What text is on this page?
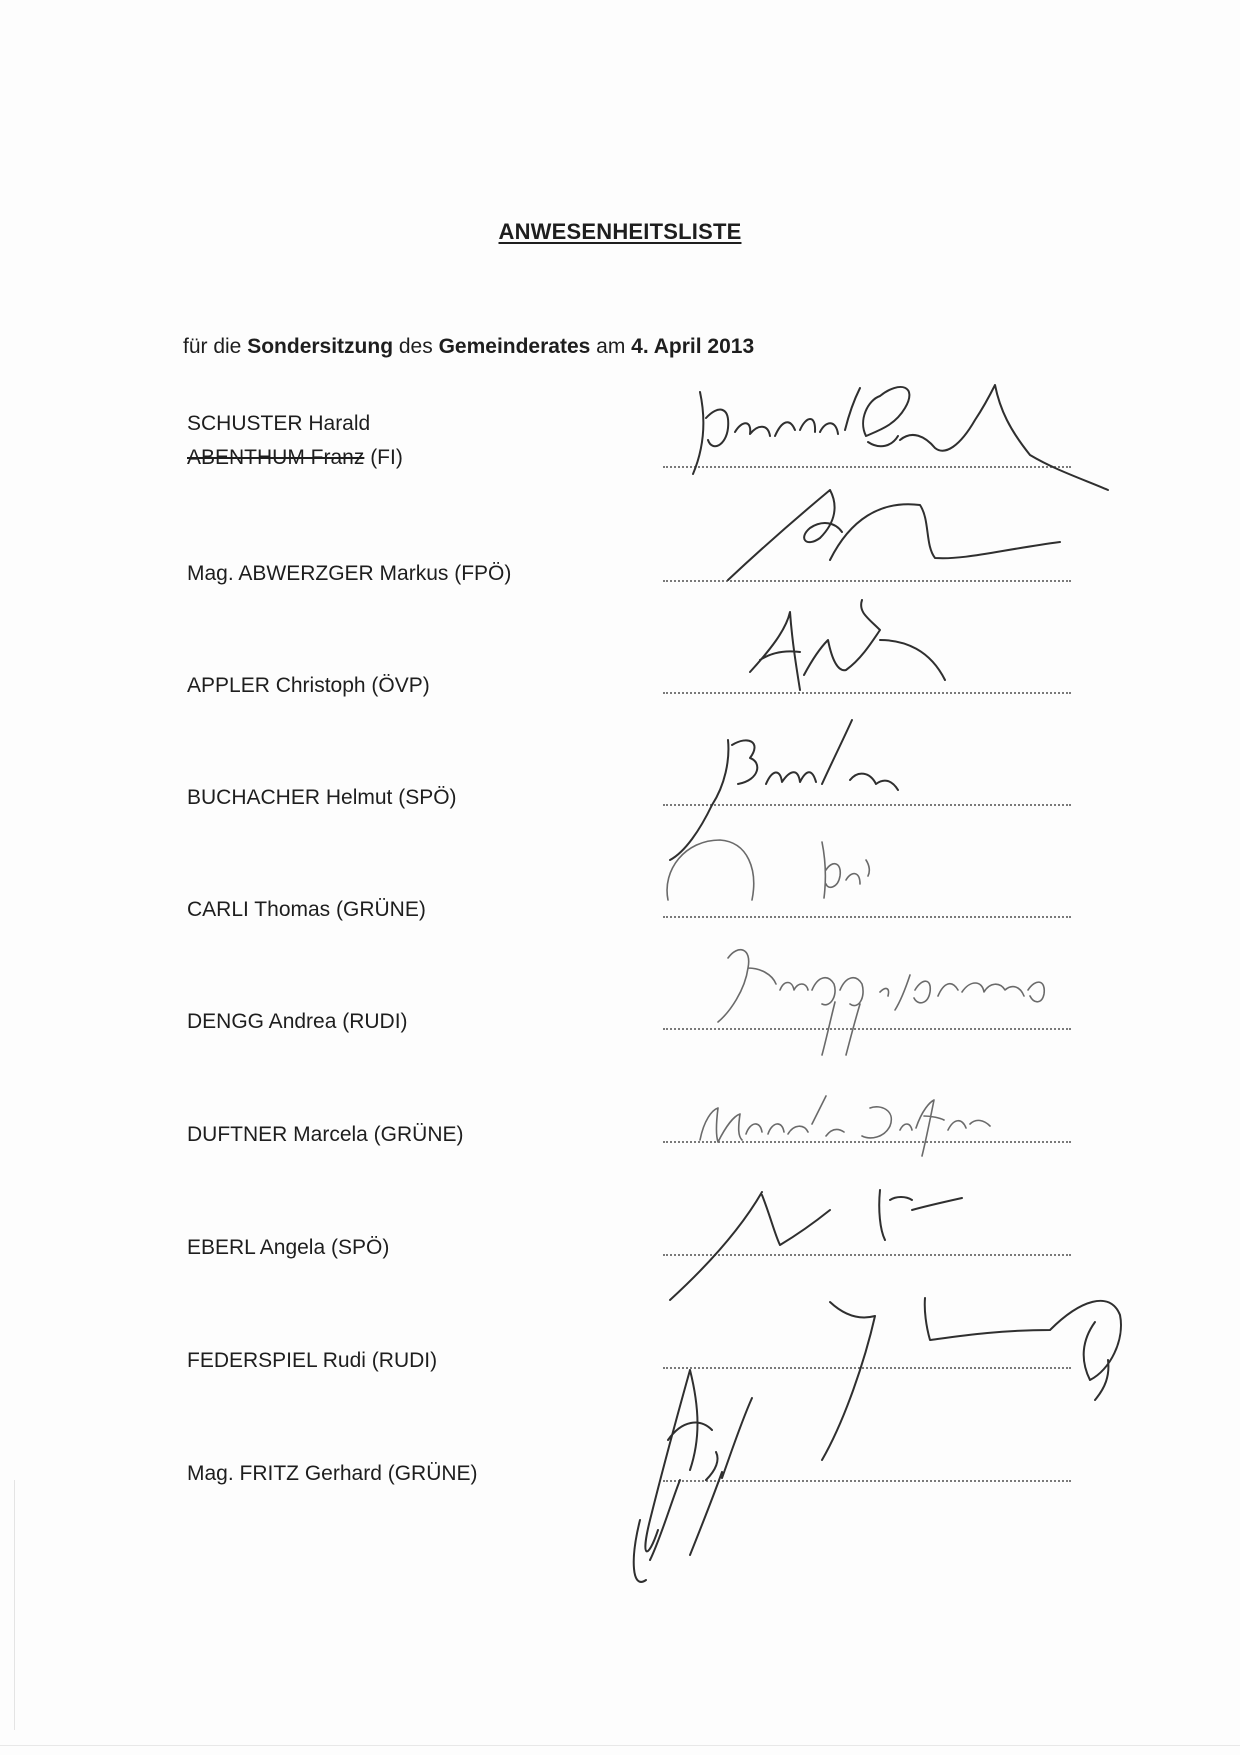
ANWESENHEITSLISTE
für die Sondersitzung des Gemeinderates am 4. April 2013
SCHUSTER Harald
ABENTHUM Franz (FI)
Mag. ABWERZGER Markus (FPÖ)
APPLER Christoph (ÖVP)
BUCHACHER Helmut (SPÖ)
CARLI Thomas (GRÜNE)
DENGG Andrea (RUDI)
DUFTNER Marcela (GRÜNE)
EBERL Angela (SPÖ)
FEDERSPIEL Rudi (RUDI)
Mag. FRITZ Gerhard (GRÜNE)
